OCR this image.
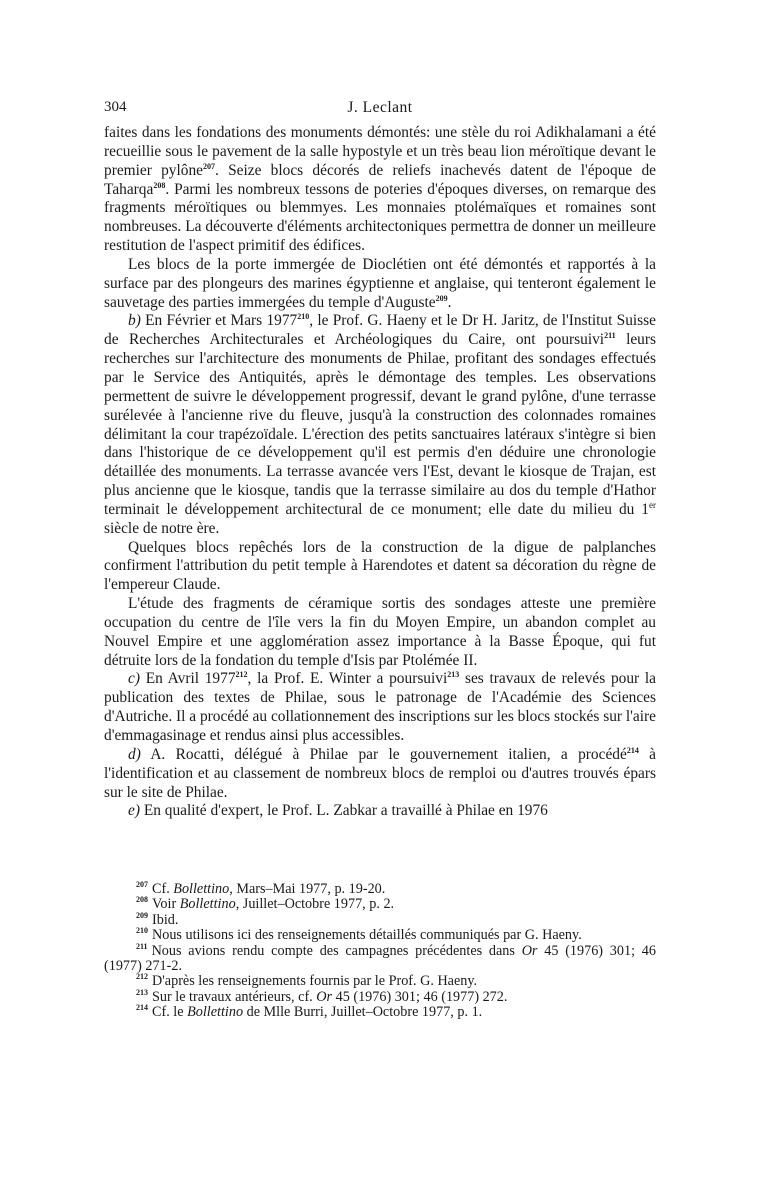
304	J. Leclant

faites dans les fondations des monuments démontés: une stèle du roi Adikhalamani a été recueillie sous le pavement de la salle hypostyle et un très beau lion méroïtique devant le premier pylône$^{207}$. Seize blocs décorés de reliefs inachevés datent de l'époque de Taharqa$^{208}$. Parmi les nombreux tessons de poteries d'époques diverses, on remarque des fragments méroïtiques ou blemmyes. Les monnaies ptolémaïques et romaines sont nombreuses. La découverte d'éléments architectoniques permettra de donner un meilleure restitution de l'aspect primitif des édifices.

Les blocs de la porte immergée de Dioclétien ont été démontés et rapportés à la surface par des plongeurs des marines égyptienne et anglaise, qui tenteront également le sauvetage des parties immergées du temple d'Auguste$^{209}$.

b) En Février et Mars 1977$^{210}$, le Prof. G. Haeny et le Dr H. Jaritz, de l'Institut Suisse de Recherches Architecturales et Archéologiques du Caire, ont poursuivi$^{211}$ leurs recherches sur l'architecture des monuments de Philae, profitant des sondages effectués par le Service des Antiquités, après le démontage des temples. Les observations permettent de suivre le développement progressif, devant le grand pylône, d'une terrasse surélevée à l'ancienne rive du fleuve, jusqu'à la construction des colonnades romaines délimitant la cour trapézoïdale. L'érection des petits sanctuaires latéraux s'intègre si bien dans l'historique de ce développement qu'il est permis d'en déduire une chronologie détaillée des monuments. La terrasse avancée vers l'Est, devant le kiosque de Trajan, est plus ancienne que le kiosque, tandis que la terrasse similaire au dos du temple d'Hathor terminait le développement architectural de ce monument; elle date du milieu du 1er siècle de notre ère.

Quelques blocs repêchés lors de la construction de la digue de palplanches confirment l'attribution du petit temple à Harendotes et datent sa décoration du règne de l'empereur Claude.

L'étude des fragments de céramique sortis des sondages atteste une première occupation du centre de l'île vers la fin du Moyen Empire, un abandon complet au Nouvel Empire et une agglomération assez importance à la Basse Époque, qui fut détruite lors de la fondation du temple d'Isis par Ptolémée II.

c) En Avril 1977$^{212}$, la Prof. E. Winter a poursuivi$^{213}$ ses travaux de relevés pour la publication des textes de Philae, sous le patronage de l'Académie des Sciences d'Autriche. Il a procédé au collationnement des inscriptions sur les blocs stockés sur l'aire d'emmagasinage et rendus ainsi plus accessibles.

d) A. Rocatti, délégué à Philae par le gouvernement italien, a procédé$^{214}$ à l'identification et au classement de nombreux blocs de remploi ou d'autres trouvés épars sur le site de Philae.

e) En qualité d'expert, le Prof. L. Zabkar a travaillé à Philae en 1976

$^{207}$ Cf. Bollettino, Mars–Mai 1977, p. 19-20.

$^{208}$ Voir Bollettino, Juillet–Octobre 1977, p. 2.

$^{209}$ Ibid.

$^{210}$ Nous utilisons ici des renseignements détaillés communiqués par G. Haeny.

$^{211}$ Nous avions rendu compte des campagnes précédentes dans Or 45 (1976) 301; 46 (1977) 271-2.

$^{212}$ D'après les renseignements fournis par le Prof. G. Haeny.

$^{213}$ Sur le travaux antérieurs, cf. Or 45 (1976) 301; 46 (1977) 272.

$^{214}$ Cf. le Bollettino de Mlle Burri, Juillet–Octobre 1977, p. 1.
